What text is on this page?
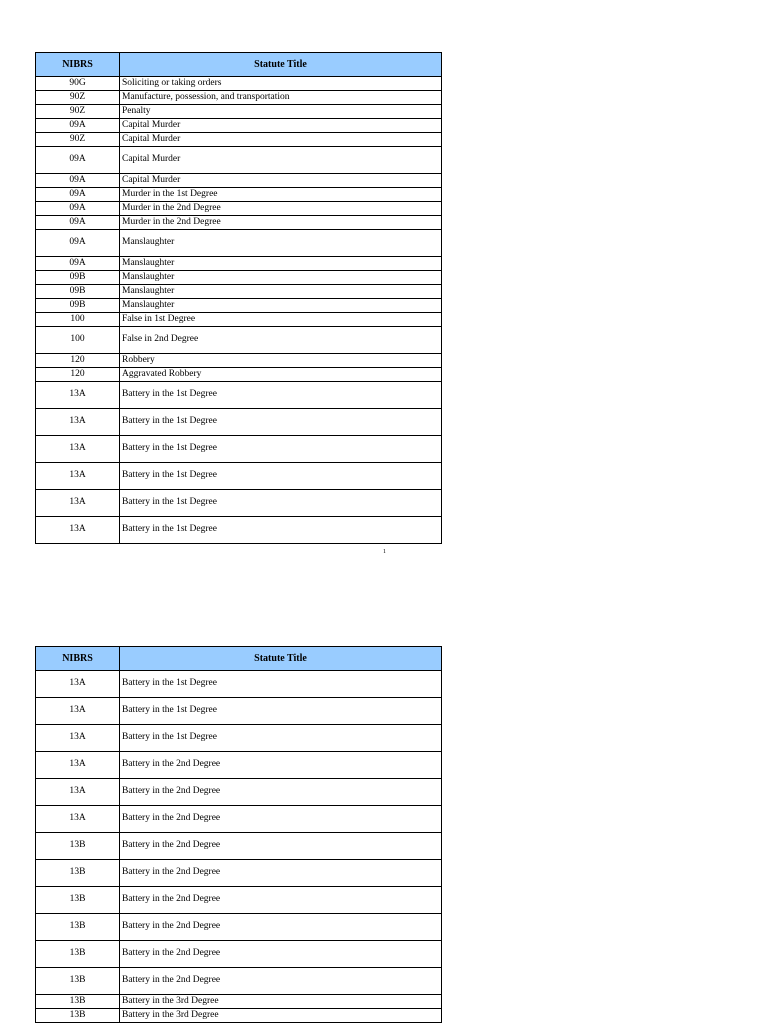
NIBRS	Statute Title
90G	Soliciting or taking orders
90Z	Manufacture, possession, and transportation
90Z	Penalty
09A	Capital Murder
90Z	Capital Murder
09A	Capital Murder
09A	Capital Murder
09A	Murder in the 1st Degree
09A	Murder in the 2nd Degree
09A	Murder in the 2nd Degree
09A	Manslaughter
09A	Manslaughter
09B	Manslaughter
09B	Manslaughter
09B	Manslaughter
100	False in 1st Degree
100	False in 2nd Degree
120	Robbery
120	Aggravated Robbery
13A	Battery in the 1st Degree
13A	Battery in the 1st Degree
13A	Battery in the 1st Degree
13A	Battery in the 1st Degree
13A	Battery in the 1st Degree
13A	Battery in the 1st Degree
1
NIBRS	Statute Title
13A	Battery in the 1st Degree
13A	Battery in the 1st Degree
13A	Battery in the 1st Degree
13A	Battery in the 2nd Degree
13A	Battery in the 2nd Degree
13A	Battery in the 2nd Degree
13B	Battery in the 2nd Degree
13B	Battery in the 2nd Degree
13B	Battery in the 2nd Degree
13B	Battery in the 2nd Degree
13B	Battery in the 2nd Degree
13B	Battery in the 2nd Degree
13B	Battery in the 3rd Degree
13B	Battery in the 3rd Degree
